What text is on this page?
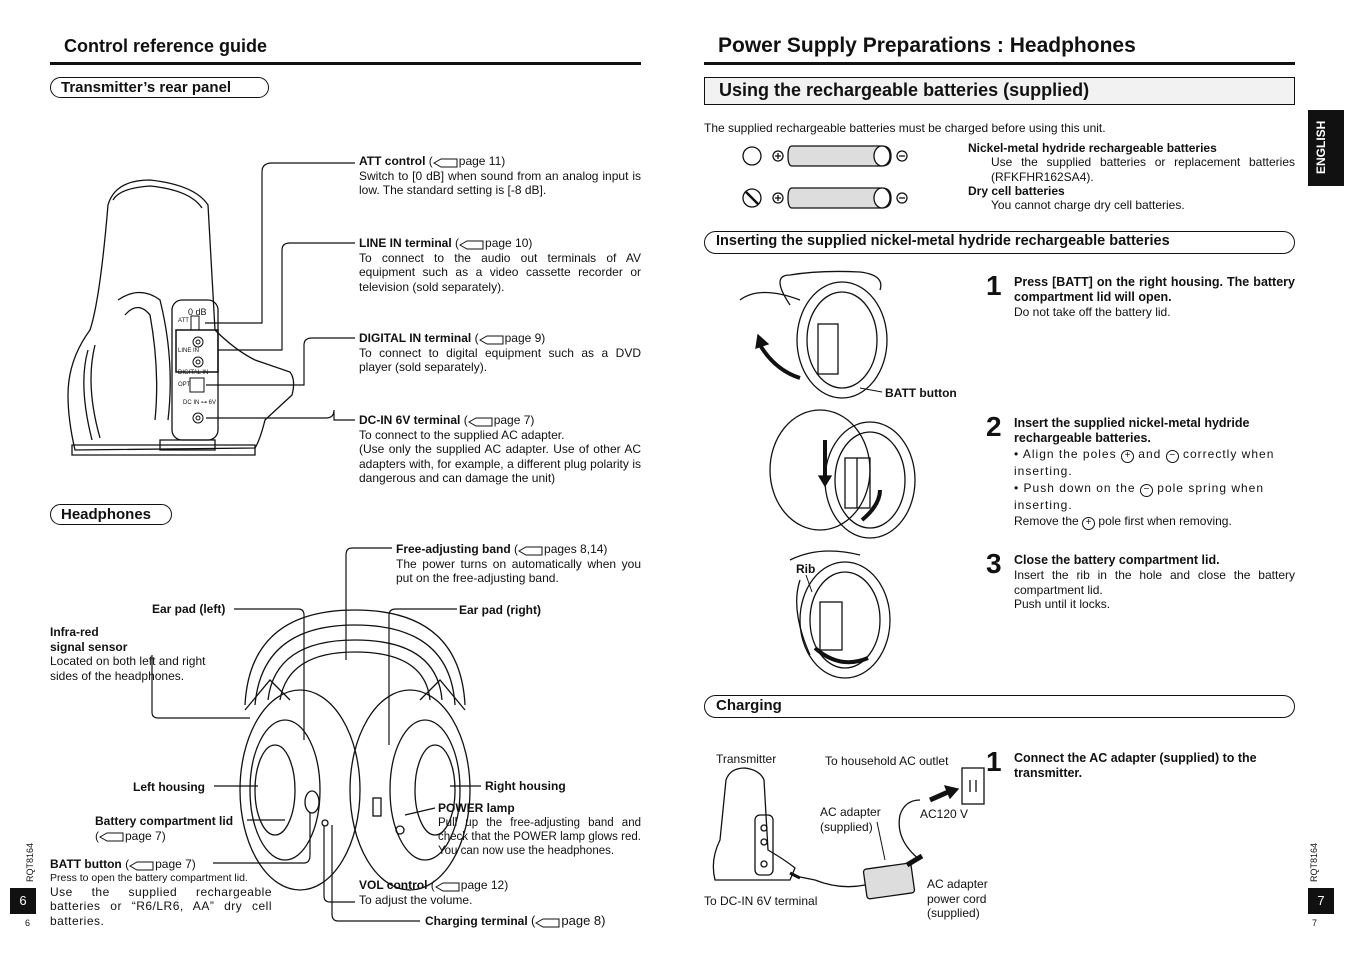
Control reference guide
Transmitter’s rear panel
0 dB
ATT
LINE IN
DIGITAL IN
OPT
DC IN ⊶ 6V
ATT control ( page 11)

Switch to [0 dB] when sound from an analog input is low. The standard setting is [-8 dB].
LINE IN terminal ( page 10)

To connect to the audio out terminals of AV equipment such as a video cassette recorder or television (sold separately).
DIGITAL IN terminal ( page 9)

To connect to digital equipment such as a DVD player (sold separately).
DC-IN 6V terminal ( page 7)

To connect to the supplied AC adapter.
(Use only the supplied AC adapter. Use of other AC adapters with, for example, a different plug polarity is dangerous and can damage the unit)
Headphones
Free-adjusting band ( pages 8,14)

The power turns on automatically when you put on the free-adjusting band.
Ear pad (left)	Ear pad (right)
Infra-red
signal sensor
Located on both left and right sides of the headphones.
Left housing	Right housing
Battery compartment lid
( page 7)
POWER lamp

Pull up the free-adjusting band and check that the POWER lamp glows red. You can now use the headphones.
BATT button ( page 7)

Press to open the battery compartment lid.
Use the supplied rechargeable batteries or “R6/LR6, AA” dry cell batteries.
VOL control ( page 12)
To adjust the volume.
Charging terminal ( page 8)
RQT8164
6
6
Power Supply Preparations : Headphones
Using the rechargeable batteries (supplied)
The supplied rechargeable batteries must be charged before using this unit.
Nickel-metal hydride rechargeable batteries
Use the supplied batteries or replacement batteries (RFKFHR162SA4).
Dry cell batteries
You cannot charge dry cell batteries.
Inserting the supplied nickel-metal hydride rechargeable batteries
BATT button
Rib
1 Press [BATT] on the right housing. The battery compartment lid will open.
Do not take off the battery lid.
2 Insert the supplied nickel-metal hydride rechargeable batteries.
• Align the poles + and − correctly when inserting.
• Push down on the − pole spring when inserting.
Remove the + pole first when removing.
3 Close the battery compartment lid.
Insert the rib in the hole and close the battery compartment lid.
Push until it locks.
Charging
Transmitter	To household AC outlet
AC adapter (supplied)
AC120 V
To DC-IN 6V terminal
AC adapter power cord (supplied)
1 Connect the AC adapter (supplied) to the transmitter.
ENGLISH
RQT8164
7
7
